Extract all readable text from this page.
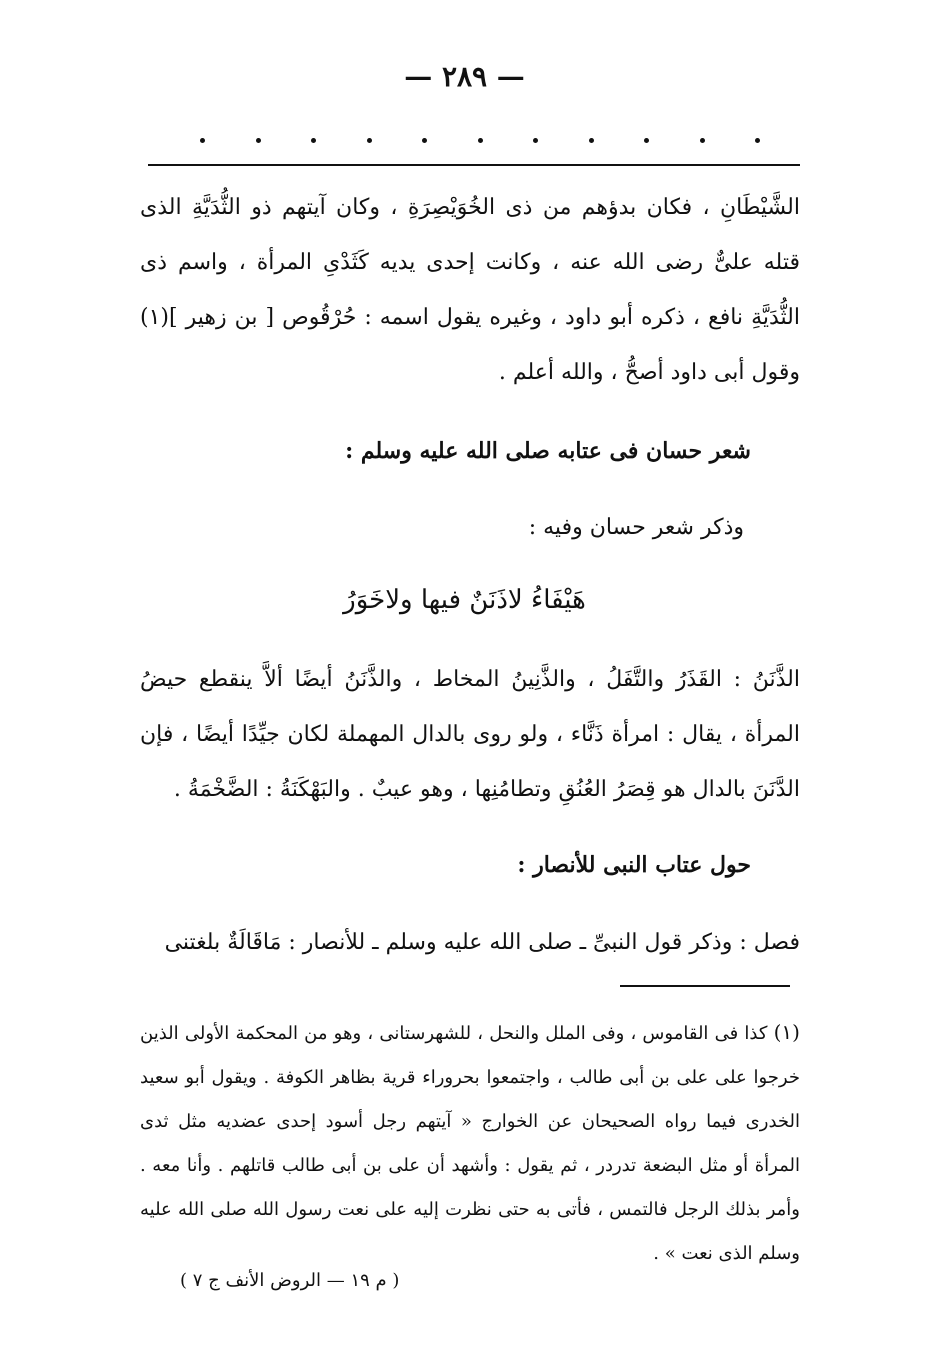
— ٢٨٩ —

الشَّيْطَانِ ، فكان بدؤهم من ذى الخُوَيْصِرَةِ ، وكان آيتهم ذو الثُّدَيَّةِ الذى قتله علىٌّ رضى الله عنه ، وكانت إحدى يديه كَثَدْىِ المرأة ، واسم ذى الثُّدَيَّةِ نافع ، ذكره أبو داود ، وغيره يقول اسمه : حُرْقُوص [ بن زهير ](١) وقول أبى داود أصحُّ ، والله أعلم .

شعر حسان فى عتابه صلى الله عليه وسلم :

وذكر شعر حسان وفيه :

هَيْفَاءُ لاذَنَنٌ فيها ولاخَوَرُ

الذَّنَنُ : القَذَرُ والتَّفَلُ ، والذَّنِينُ المخاط ، والذَّنَنُ أيضًا ألاَّ ينقطع حيضُ المرأة ، يقال : امرأة ذَنَّاء ، ولو روى بالدال المهملة لكان جيِّدًا أيضًا ، فإن الدَّنَنَ بالدال هو قِصَرُ العُنُقِ وتطامُنِها ، وهو عيبٌ . والبَهْكَنَةُ : الضَّخْمَةُ .

حول عتاب النبى للأنصار :

فصل : وذكر قول النبىِّ ـ صلى الله عليه وسلم ـ للأنصار : مَاقَالَةٌ بلغتنى

(١) كذا فى القاموس ، وفى الملل والنحل ، للشهرستانى ، وهو من المحكمة الأولى الذين خرجوا على على بن أبى طالب ، واجتمعوا بحروراء قرية بظاهر الكوفة . ويقول أبو سعيد الخدرى فيما رواه الصحيحان عن الخوارج « آيتهم رجل أسود إحدى عضديه مثل ثدى المرأة أو مثل البضعة تدردر ، ثم يقول : وأشهد أن على بن أبى طالب قاتلهم . وأنا معه . وأمر بذلك الرجل فالتمس ، فأتى به حتى نظرت إليه على نعت رسول الله صلى الله عليه وسلم الذى نعت » .

( م ١٩ — الروض الأنف ج ٧ )
